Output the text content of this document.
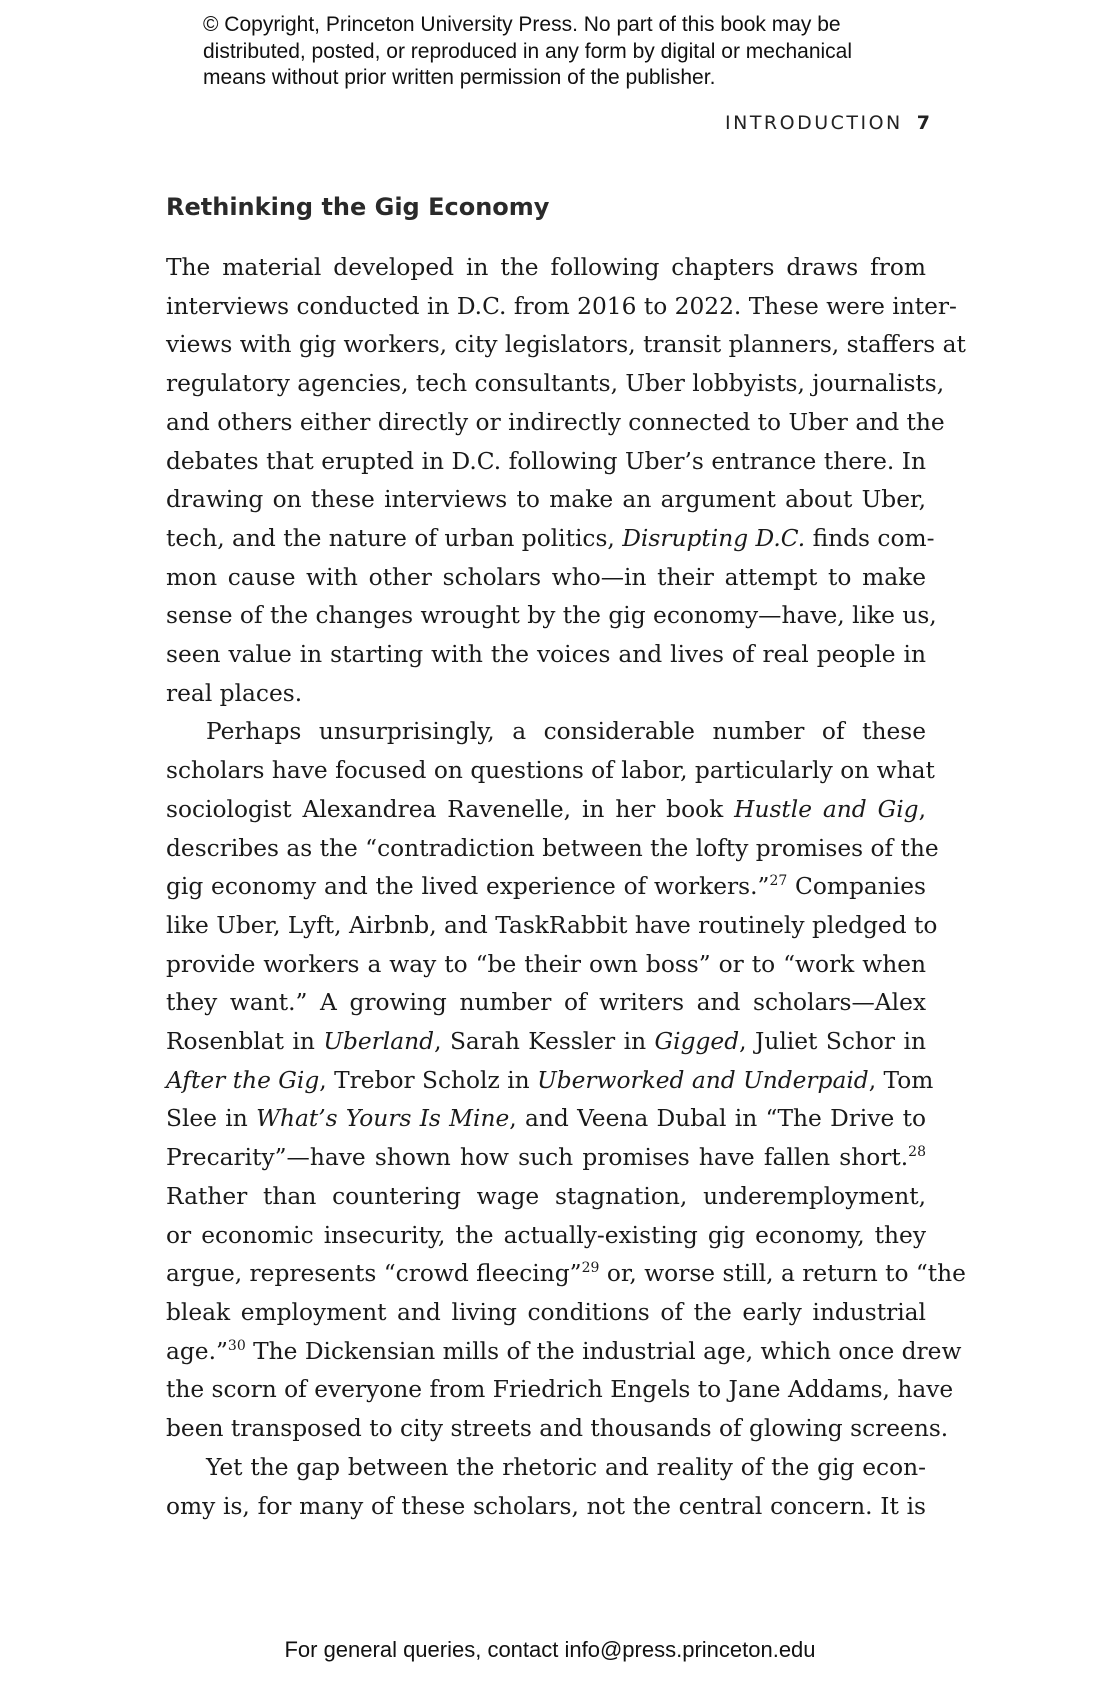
© Copyright, Princeton University Press. No part of this book may be
distributed, posted, or reproduced in any form by digital or mechanical
means without prior written permission of the publisher.
INTRODUCTION 7
Rethinking the Gig Economy
The material developed in the following chapters draws from
interviews conducted in D.C. from 2016 to 2022. These were inter-
views with gig workers, city legislators, transit planners, staffers at
regulatory agencies, tech consultants, Uber lobbyists, journalists,
and others either directly or indirectly connected to Uber and the
debates that erupted in D.C. following Uber’s entrance there. In
drawing on these interviews to make an argument about Uber,
tech, and the nature of urban politics, Disrupting D.C. finds com-
mon cause with other scholars who—in their attempt to make
sense of the changes wrought by the gig economy—have, like us,
seen value in starting with the voices and lives of real people in
real places.
Perhaps unsurprisingly, a considerable number of these
scholars have focused on questions of labor, particularly on what
sociologist Alexandrea Ravenelle, in her book Hustle and Gig,
describes as the “contradiction between the lofty promises of the
gig economy and the lived experience of workers.”$^{27}$ Companies
like Uber, Lyft, Airbnb, and TaskRabbit have routinely pledged to
provide workers a way to “be their own boss” or to “work when
they want.” A growing number of writers and scholars—Alex
Rosenblat in Uberland, Sarah Kessler in Gigged, Juliet Schor in
After the Gig, Trebor Scholz in Uberworked and Underpaid, Tom
Slee in What’s Yours Is Mine, and Veena Dubal in “The Drive to
Precarity”—have shown how such promises have fallen short.$^{28}$
Rather than countering wage stagnation, underemployment,
or economic insecurity, the actually-existing gig economy, they
argue, represents “crowd fleecing”$^{29}$ or, worse still, a return to “the
bleak employment and living conditions of the early industrial
age.”$^{30}$ The Dickensian mills of the industrial age, which once drew
the scorn of everyone from Friedrich Engels to Jane Addams, have
been transposed to city streets and thousands of glowing screens.
Yet the gap between the rhetoric and reality of the gig econ-
omy is, for many of these scholars, not the central concern. It is
For general queries, contact info@press.princeton.edu
